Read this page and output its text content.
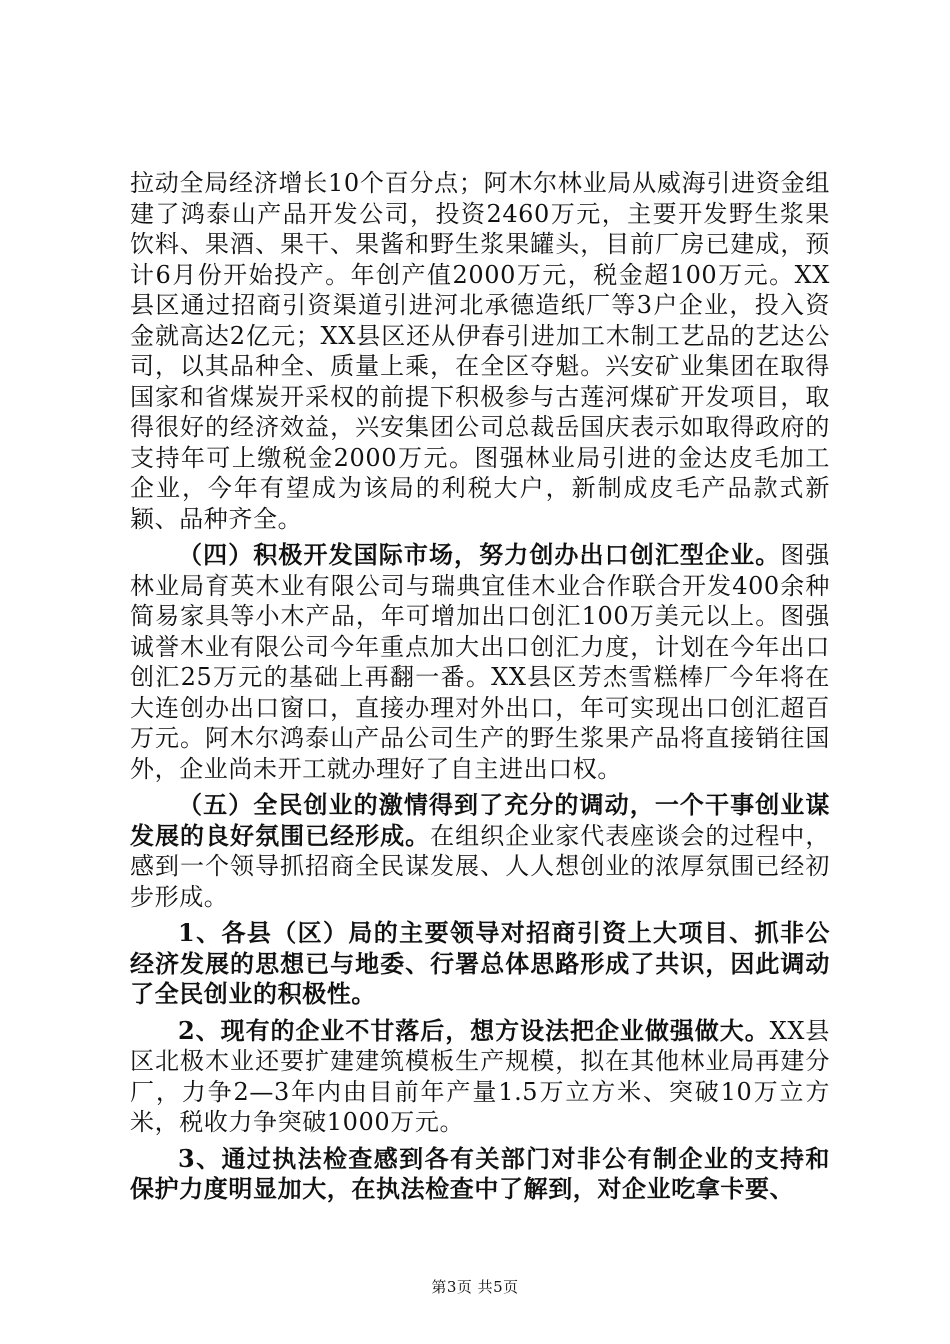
拉动全局经济增长10个百分点；阿木尔林业局从威海引进资金组建了鸿泰山产品开发公司，投资2460万元，主要开发野生浆果饮料、果酒、果干、果酱和野生浆果罐头，目前厂房已建成，预计6月份开始投产。年创产值2000万元，税金超100万元。XX县区通过招商引资渠道引进河北承德造纸厂等3户企业，投入资金就高达2亿元；XX县区还从伊春引进加工木制工艺品的艺达公司，以其品种全、质量上乘，在全区夺魁。兴安矿业集团在取得国家和省煤炭开采权的前提下积极参与古莲河煤矿开发项目，取得很好的经济效益，兴安集团公司总裁岳国庆表示如取得政府的支持年可上缴税金2000万元。图强林业局引进的金达皮毛加工企业，今年有望成为该局的利税大户，新制成皮毛产品款式新颖、品种齐全。

（四）积极开发国际市场，努力创办出口创汇型企业。图强林业局育英木业有限公司与瑞典宜佳木业合作联合开发400余种简易家具等小木产品，年可增加出口创汇100万美元以上。图强诚誉木业有限公司今年重点加大出口创汇力度，计划在今年出口创汇25万元的基础上再翻一番。XX县区芳杰雪糕棒厂今年将在大连创办出口窗口，直接办理对外出口，年可实现出口创汇超百万元。阿木尔鸿泰山产品公司生产的野生浆果产品将直接销往国外，企业尚未开工就办理好了自主进出口权。

（五）全民创业的激情得到了充分的调动，一个干事创业谋发展的良好氛围已经形成。在组织企业家代表座谈会的过程中，感到一个领导抓招商全民谋发展、人人想创业的浓厚氛围已经初步形成。

1、各县（区）局的主要领导对招商引资上大项目、抓非公经济发展的思想已与地委、行署总体思路形成了共识，因此调动了全民创业的积极性。

2、现有的企业不甘落后，想方设法把企业做强做大。XX县区北极木业还要扩建建筑模板生产规模，拟在其他林业局再建分厂，力争2—3年内由目前年产量1.5万立方米、突破10万立方米，税收力争突破1000万元。

3、通过执法检查感到各有关部门对非公有制企业的支持和保护力度明显加大，在执法检查中了解到，对企业吃拿卡要、

第3页 共5页
